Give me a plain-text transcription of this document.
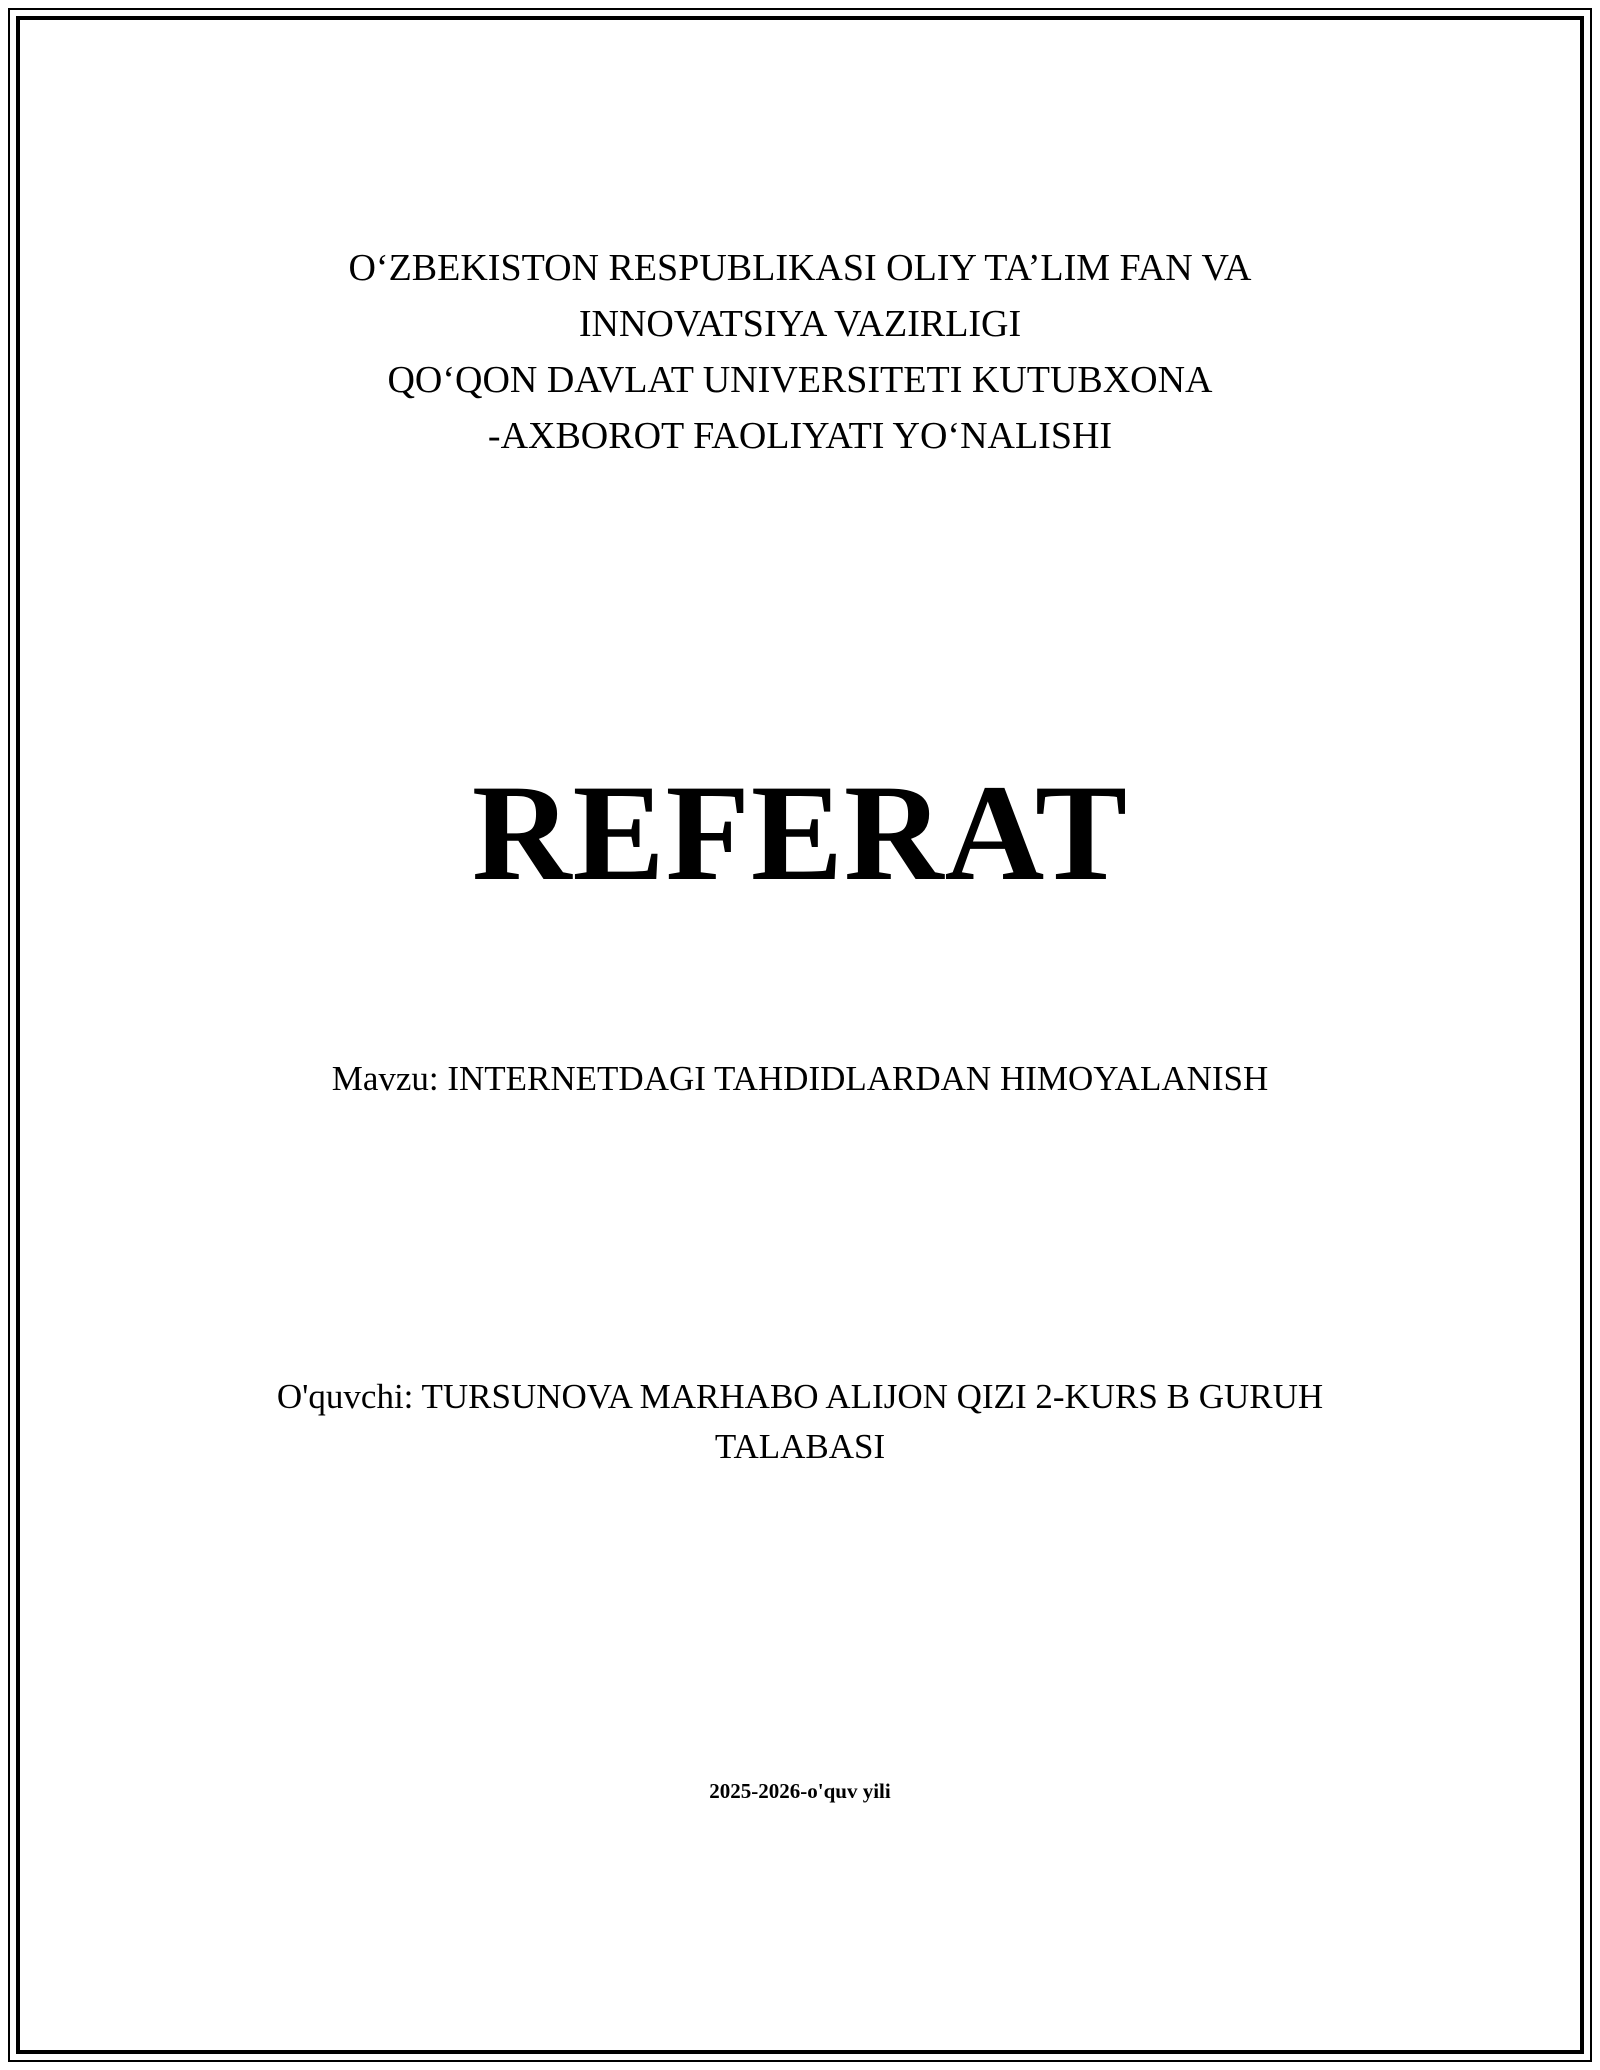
O‘ZBEKISTON RESPUBLIKASI OLIY TA’LIM FAN VA
INNOVATSIYA VAZIRLIGI
QO‘QON DAVLAT UNIVERSITETI KUTUBXONA
-AXBOROT FAOLIYATI YO‘NALISHI
REFERAT
Mavzu: INTERNETDAGI TAHDIDLARDAN HIMOYALANISH
O'quvchi: TURSUNOVA MARHABO ALIJON QIZI 2-KURS B GURUH TALABASI
2025-2026-o'quv yili
